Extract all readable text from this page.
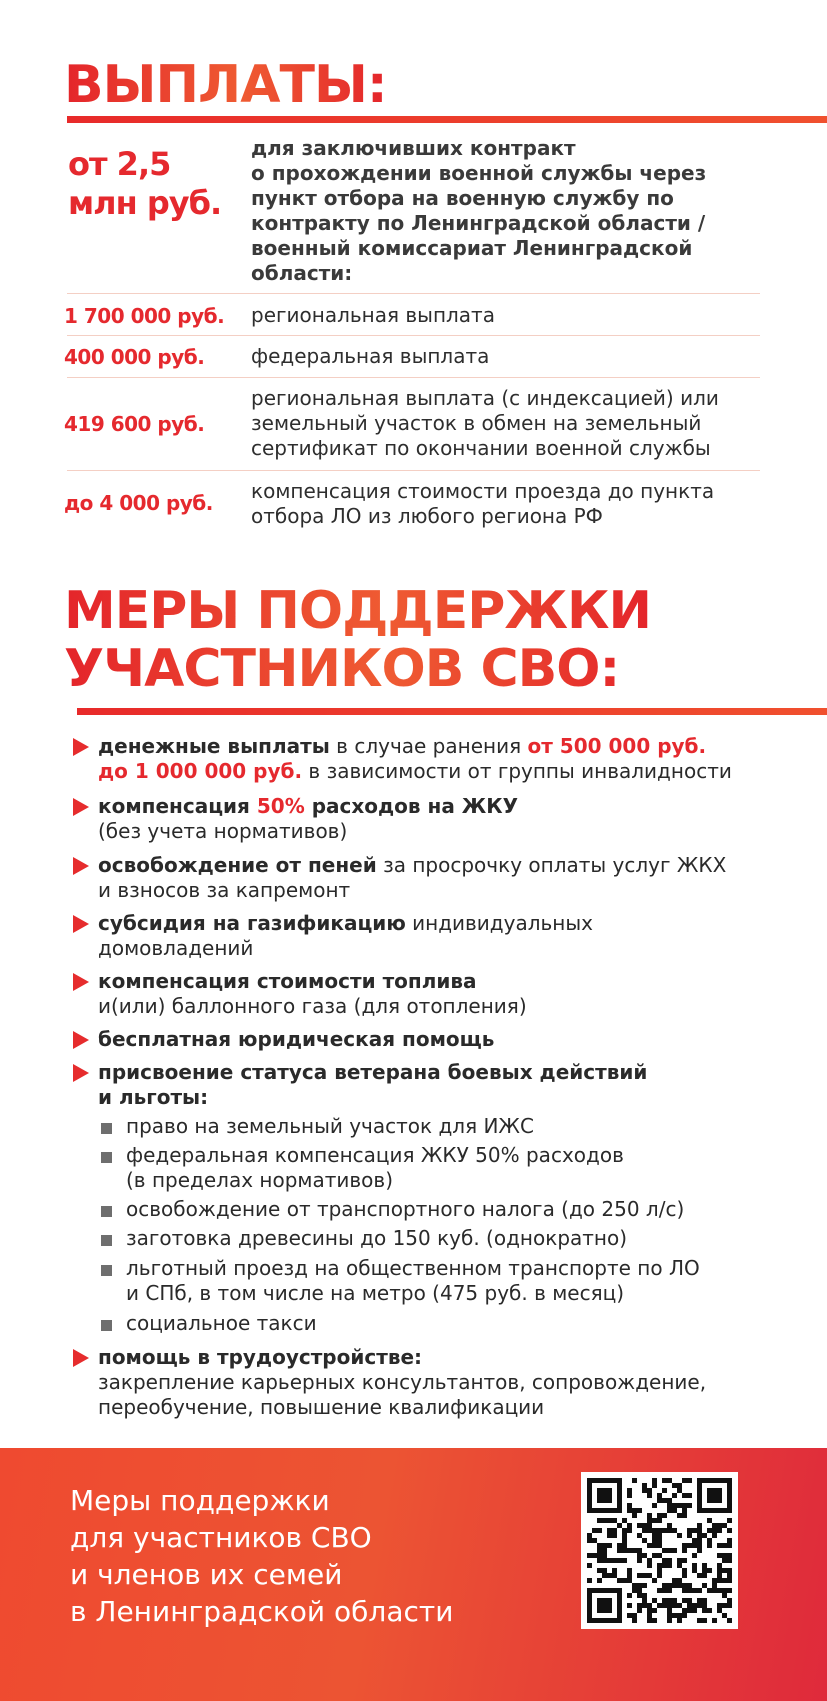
ВЫПЛАТЫ:
от 2,5
млн руб.
для заключивших контракт
о прохождении военной службы через
пункт отбора на военную службу по
контракту по Ленинградской области /
военный комиссариат Ленинградской
области:
1 700 000 руб. региональная выплата
400 000 руб. федеральная выплата
419 600 руб.
региональная выплата (с индексацией) или
земельный участок в обмен на земельный
сертификат по окончании военной службы
до 4 000 руб. компенсация стоимости проезда до пункта
отбора ЛО из любого региона РФ
МЕРЫ ПОДДЕРЖКИ
УЧАСТНИКОВ СВО:
денежные выплаты в случае ранения от 500 000 руб.
до 1 000 000 руб. в зависимости от группы инвалидности
компенсация 50% расходов на ЖКУ
(без учета нормативов)
освобождение от пеней за просрочку оплаты услуг ЖКХ
и взносов за капремонт
субсидия на газификацию индивидуальных
домовладений
компенсация стоимости топлива
и(или) баллонного газа (для отопления)
бесплатная юридическая помощь
присвоение статуса ветерана боевых действий
и льготы:
право на земельный участок для ИЖС
федеральная компенсация ЖКУ 50% расходов
(в пределах нормативов)
освобождение от транспортного налога (до 250 л/с)
заготовка древесины до 150 куб. (однократно)
льготный проезд на общественном транспорте по ЛО
и СПб, в том числе на метро (475 руб. в месяц)
социальное такси
помощь в трудоустройстве:
закрепление карьерных консультантов, сопровождение,
переобучение, повышение квалификации
Меры поддержки
для участников СВО
и членов их семей
в Ленинградской области
